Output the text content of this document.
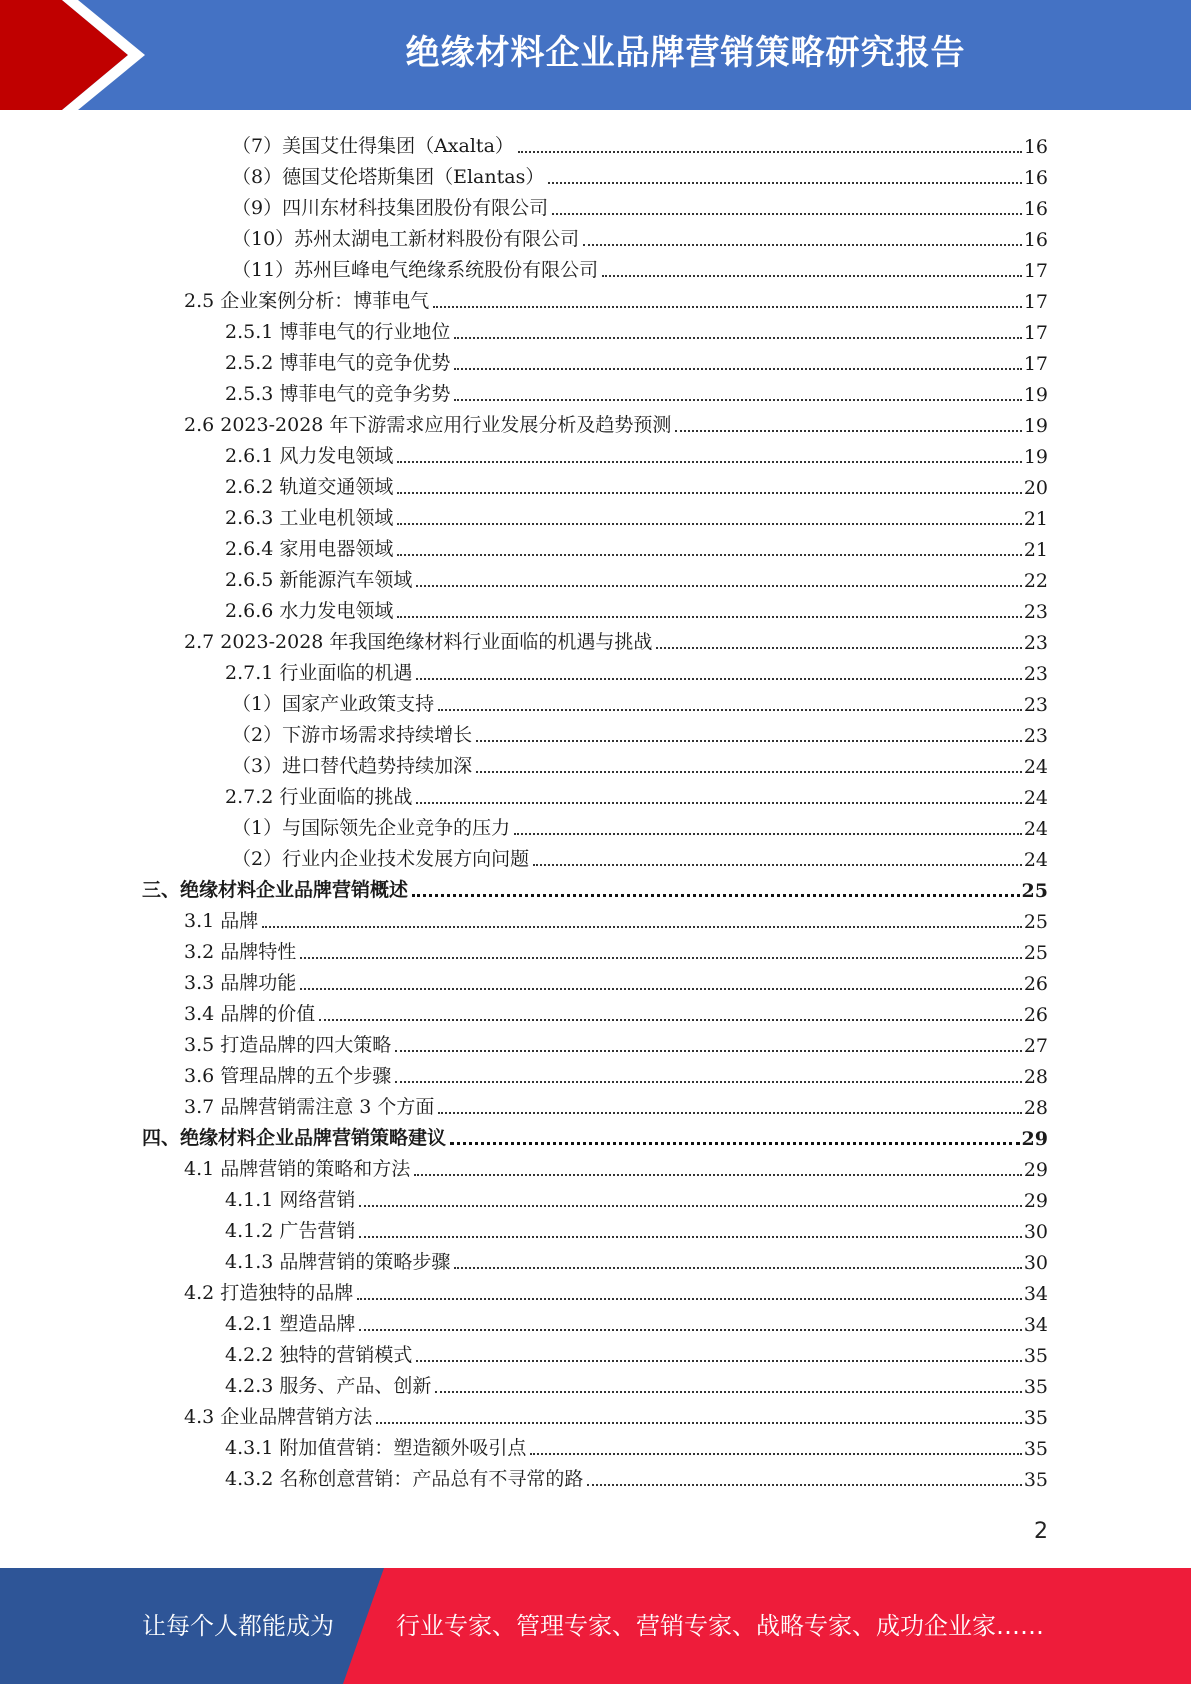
绝缘材料企业品牌营销策略研究报告
（7）美国艾仕得集团（Axalta）	16
（8）德国艾伦塔斯集团（Elantas）	16
（9）四川东材科技集团股份有限公司	16
（10）苏州太湖电工新材料股份有限公司	16
（11）苏州巨峰电气绝缘系统股份有限公司	17
2.5 企业案例分析：博菲电气	17
2.5.1 博菲电气的行业地位	17
2.5.2 博菲电气的竞争优势	17
2.5.3 博菲电气的竞争劣势	19
2.6 2023-2028 年下游需求应用行业发展分析及趋势预测	19
2.6.1 风力发电领域	19
2.6.2 轨道交通领域	20
2.6.3 工业电机领域	21
2.6.4 家用电器领域	21
2.6.5 新能源汽车领域	22
2.6.6 水力发电领域	23
2.7 2023-2028 年我国绝缘材料行业面临的机遇与挑战	23
2.7.1 行业面临的机遇	23
（1）国家产业政策支持	23
（2）下游市场需求持续增长	23
（3）进口替代趋势持续加深	24
2.7.2 行业面临的挑战	24
（1）与国际领先企业竞争的压力	24
（2）行业内企业技术发展方向问题	24
三、绝缘材料企业品牌营销概述	25
3.1 品牌	25
3.2 品牌特性	25
3.3 品牌功能	26
3.4 品牌的价值	26
3.5 打造品牌的四大策略	27
3.6 管理品牌的五个步骤	28
3.7 品牌营销需注意 3 个方面	28
四、绝缘材料企业品牌营销策略建议	29
4.1 品牌营销的策略和方法	29
4.1.1 网络营销	29
4.1.2 广告营销	30
4.1.3 品牌营销的策略步骤	30
4.2 打造独特的品牌	34
4.2.1 塑造品牌	34
4.2.2 独特的营销模式	35
4.2.3 服务、产品、创新	35
4.3 企业品牌营销方法	35
4.3.1 附加值营销：塑造额外吸引点	35
4.3.2 名称创意营销：产品总有不寻常的路	35
2
让每个人都能成为	行业专家、管理专家、营销专家、战略专家、成功企业家……
